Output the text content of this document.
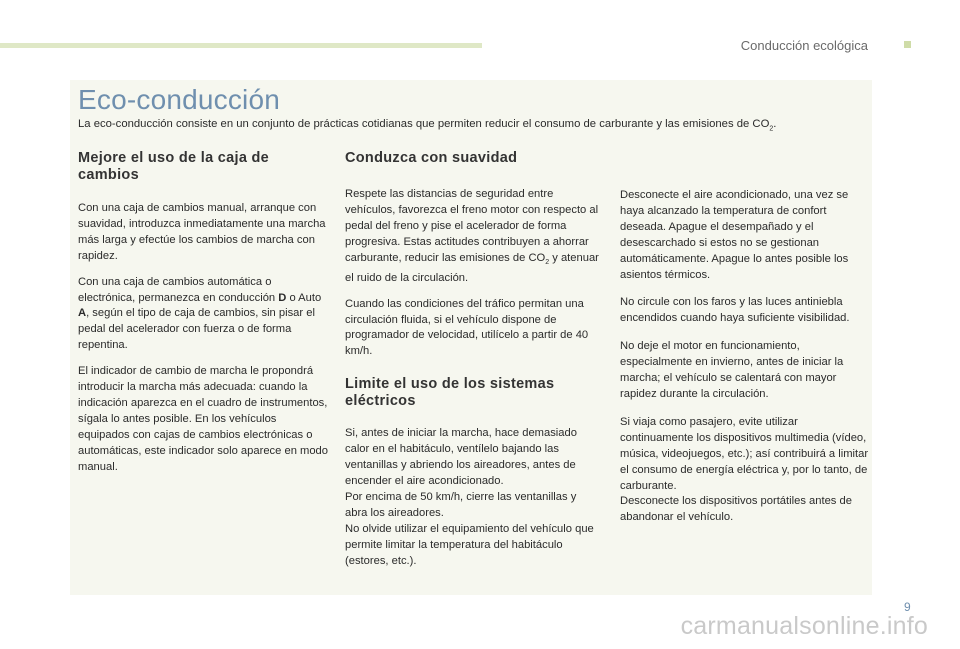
Conducción ecológica
Eco-conducción
La eco-conducción consiste en un conjunto de prácticas cotidianas que permiten reducir el consumo de carburante y las emisiones de $CO_2$.
Mejore el uso de la caja de cambios

Con una caja de cambios manual, arranque con suavidad, introduzca inmediatamente una marcha más larga y efectúe los cambios de marcha con rapidez.

Con una caja de cambios automática o electrónica, permanezca en conducción D o Auto A, según el tipo de caja de cambios, sin pisar el pedal del acelerador con fuerza o de forma repentina.

El indicador de cambio de marcha le propondrá introducir la marcha más adecuada: cuando la indicación aparezca en el cuadro de instrumentos, sígala lo antes posible. En los vehículos equipados con cajas de cambios electrónicas o automáticas, este indicador solo aparece en modo manual.

Conduzca con suavidad

Respete las distancias de seguridad entre vehículos, favorezca el freno motor con respecto al pedal del freno y pise el acelerador de forma progresiva. Estas actitudes contribuyen a ahorrar carburante, reducir las emisiones de $CO_2$ y atenuar el ruido de la circulación.

Cuando las condiciones del tráfico permitan una circulación fluida, si el vehículo dispone de programador de velocidad, utilícelo a partir de 40 km/h.

Limite el uso de los sistemas eléctricos

Si, antes de iniciar la marcha, hace demasiado calor en el habitáculo, ventílelo bajando las ventanillas y abriendo los aireadores, antes de encender el aire acondicionado.
Por encima de 50 km/h, cierre las ventanillas y abra los aireadores.
No olvide utilizar el equipamiento del vehículo que permite limitar la temperatura del habitáculo (estores, etc.).

Desconecte el aire acondicionado, una vez se haya alcanzado la temperatura de confort deseada. Apague el desempañado y el desescarchado si estos no se gestionan automáticamente. Apague lo antes posible los asientos térmicos.

No circule con los faros y las luces antiniebla encendidos cuando haya suficiente visibilidad.

No deje el motor en funcionamiento, especialmente en invierno, antes de iniciar la marcha; el vehículo se calentará con mayor rapidez durante la circulación.

Si viaja como pasajero, evite utilizar continuamente los dispositivos multimedia (vídeo, música, videojuegos, etc.); así contribuirá a limitar el consumo de energía eléctrica y, por lo tanto, de carburante.
Desconecte los dispositivos portátiles antes de abandonar el vehículo.

9
carmanualsonline.info
